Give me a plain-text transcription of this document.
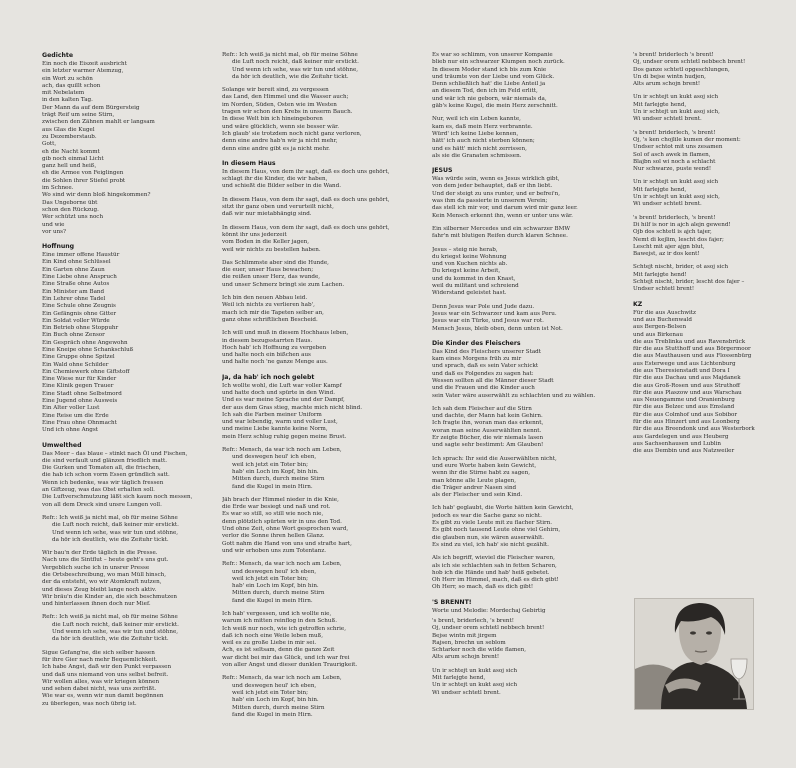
Gedichte
Ein noch die Eiszeit ausbricht
ein letzter warmer Atemzug,
ein Wort zu schön
ach, das quillt schon
mit Nebelatem
in den kalten Tag.
Der Mann da auf dem Bürgersteig
trägt Reif um seine Stirn,
zwischen den Zähnen mahlt er langsam
aus Glas die Kugel
zu Dezemberstaub.
Gott,
eh die Nacht kommt
gib noch einmal Licht
ganz hell und heiß,
eh die Armee von Feiglingen
die Sohlen ihrer Stiefel probt
im Schnee.
Wo sind wir denn bloß hingekommen?
Das Ungeborne übt
schon den Rückzug.
Wer schützt uns noch
und wie
vor uns?
Hoffnung
Eine immer offene Haustür
Ein Kind ohne Schlüssel
Ein Garten ohne Zaun
Eine Liebe ohne Anspruch
Eine Straße ohne Autos
Ein Minister am Band
Ein Lehrer ohne Tadel
Eine Schule ohne Zeugnis
Ein Gefängnis ohne Gitter
Ein Soldat voller Würde
Ein Betrieb ohne Stoppuhr
Ein Buch ohne Zensor
Ein Gespräch ohne Angewohn
Eine Kneipe ohne Schankschluß
Eine Gruppe ohne Spitzel
Ein Wald ohne Schilder
Ein Chemiewerk ohne Giftstoff
Eine Wiese nur für Kinder
Eine Klinik gegen Trauer
Eine Stadt ohne Selbstmord
Eine Jugend ohne Ausweis
Ein Alter voller Lust
Eine Reise um die Erde
Eine Frau ohne Ohnmacht
Und ich ohne Angst
Umwelthed
Das Meer – das blaue – stinkt nach Öl und Fischen,
die sind verfault und glänzen friedlich matt.
Die Gurken und Tomaten all, die frischen,
die hab ich schon vorm Essen gründlich satt.
Wenn ich bedenke, was wir täglich fressen
an Giftzeug, was das Obst erhalten soll.
Die Luftverschmutzung läßt sich kaum noch messen,
von all dem Dreck sind unsre Lungen voll.
Refr.: Ich weiß ja nicht mal, ob für meine Söhne
die Luft noch reicht, daß keiner mir erstickt.
Und wenn ich sehe, was wir tun und stöhne,
da hör ich deutlich, wie die Zeituhr tickt.
Wir bau'n der Erde täglich in die Presse.
Nach uns die Sintflut – heute geht's uns gut.
Vergeblich suche ich in unsrer Presse
die Ortsbeschreibung, wo man Müll hinsch,
der da entsteht, wo wir Atomkraft nutzen,
und dieses Zeug bleibt lange noch aktiv.
Wir bräu'n die Kinder an, die sich beschmutzen
und hinterlassen ihnen doch nur Mief.
Refr.: Ich weiß ja nicht mal, ob für meine Söhne
die Luft noch reicht, daß keiner mir erstickt.
Und wenn ich sehe, was wir tun und stöhne,
da hör ich deutlich, wie die Zeituhr tickt.
Sigue Gefang'ne, die sich selber hassen
für ihre Gier nach mehr Bequemlichkeit.
Ich habe Angst, daß wir den Punkt verpassen
und daß uns niemand von uns selbst befreit.
Wir wollen alles, was wir kriegen können
und sehen dabei nicht, was uns zerfrißt.
Wie war es, wenn wir nun damit begönnen
zu überlegen, was noch übrig ist.
Refr.: Ich weiß ja nicht mal, ob für meine Söhne
die Luft noch reicht, daß keiner mir erstickt.
Und wenn ich sehe, was wir tun und stöhne,
da hör ich deutlich, wie die Zeituhr tickt.
Solange wir bereit sind, zu vergessen
das Land, den Himmel und die Wasser auch;
im Norden, Süden, Osten wie im Westen
tragen wir schon den Krebs in unserm Bauch.
In diese Welt bin ich hineingeboren
und wäre glücklich, wenn sie besser wär.
Ich glaub' sie trotzdem noch nicht ganz verloren,
denn eine andre hab'n wir ja nicht mehr,
denn eine andre gibt es ja nicht mehr.
In diesem Haus
In diesem Haus, von dem ihr sagt, daß es doch uns gehört,
schlagt ihr die Kinder, die wir haben,
und schießt die Bilder selber in die Wand.
In diesem Haus, von dem ihr sagt, daß es doch uns gehört,
sitzt ihr ganz oben und verurteilt nicht,
daß wir nur mietabhängig sind.
In diesem Haus, von dem ihr sagt, daß es doch uns gehört,
könnt ihr uns jederzeit
vom Boden in die Keller jagen,
weil wir nichts zu bestellen haben.
Das Schlimmste aber sind die Hunde,
die euer, unser Haus bewachen;
die reißen unser Herz, das wunde,
und unser Schmerz bringt sie zum Lachen.
Ich bin den neuen Abbau leid.
Weil ich nichts zu verlieren hab',
mach ich mir die Tapeten selber an,
ganz ohne schriftlichen Bescheid.
Ich will und muß in diesem Hochhaus leben,
in diesem bezugsstarrten Haus.
Hoch hab' ich Hoffnung zu vergeben
und halte noch ein bißchen aus
und halte noch 'ne ganze Menge aus.
Ja, da hab' ich noch gelebt
Ich wollte wohl, die Luft war voller Kampf
und hatte doch und spürte in den Wind.
Und es war meine Sprache und der Dampf,
der aus dem Gras stieg, machte mich nicht blind.
Ich sah die Farben meiner Uniform
und war lebendig, warm und voller Lust,
und meine Liebe kannte keine Norm,
mein Herz schlug ruhig gegen meine Brust.
Refr.: Mensch, da war ich noch am Leben,
und deswegen heul' ich eben,
weil ich jetzt ein Toter bin;
hab' ein Loch im Kopf, bin hin.
Mitten durch, durch meine Stirn
fand die Kugel in mein Hirn.
Jäh brach der Himmel nieder in die Knie,
die Erde war besiegt und naß und rot.
Es war so still, so still wie noch nie,
denn plötzlich spürten wir in uns den Tod.
Und ohne Zeit, ohne Wort gesprochen ward,
verlor die Sonne ihren hellen Glanz.
Gott nahm die Hand von uns und strafte hart,
und wir erhoben uns zum Totentanz.
Refr.: Mensch, da war ich noch am Leben,
und deswegen heul' ich eben,
weil ich jetzt ein Toter bin;
hab' ein Loch im Kopf, bin hin.
Mitten durch, durch meine Stirn
fand die Kugel in mein Hirn.
Ich hab' vergessen, und ich wollte nie,
warum ich mitten reinflog in den Schuß.
Ich weiß nur noch, wie ich getroffen schrie,
daß ich noch eine Weile leben muß,
weil es zu große Liebe in mir sei.
Ach, es ist seltsam, denn die ganze Zeit
war dicht bei mir das Glück, und ich war frei
von aller Angst und dieser dunklen Traurigkeit.
Refr.: Mensch, da war ich noch am Leben,
und deswegen heul' ich eben,
weil ich jetzt ein Toter bin;
hab' ein Loch im Kopf, bin hin.
Mitten durch, durch meine Stirn
fand die Kugel in mein Hirn.
Es war so schlimm, von unserer Kompanie
blieb nur ein schwarzer Klumpen noch zurück.
In diesem Moder stand ich bis zum Knie
und träumte von der Liebe und vom Glück.
Denn schließlich hat' die Liebe Anteil ja
an diesem Tod, den ich im Feld erlitt,
und wär ich nie geborn, wär niemals da,
gäb's keine Kugel, die mein Herz zerschnitt.
Nur, weil ich ein Leben kannte,
kam es, daß mein Herz verbrannte.
Würd' ich keine Liebe kennen,
hätt' ich auch nicht sterben können;
und es hätt' mich nicht zerrissen,
als sie die Granaten schmissen.
JESUS
Was würde sein, wenn es Jesus wirklich gibt,
von dem jeder behauptet, daß er ihn liebt.
Und der steigt zu uns runter, und er befrei'n,
was ihm da passierte in unserem Verein;
das stell ich mir vor, und darum wird mir ganz leer.
Kein Mensch erkennt ihn, wenn er unter uns wär.
Ein silberner Mercedes und ein schwarzer BMW
fahr'n mit blutigen Reifen durch klaren Schnee.
Jesus – steig nie herab,
du kriegst keine Wohnung
und von Kuchen nichts ab.
Du kriegst keine Arbeit,
und du kommst in den Knast,
weil du militant und schreiend
Widerstand geleistet hast.
Denn Jesus war Pole und Jude dazu.
Jesus war ein Schwarzer und kam aus Peru.
Jesus war ein Türke, und Jesus war rot.
Mensch Jesus, bleib oben, denn unten ist Not.
Die Kinder des Fleischers
Das Kind des Fleischers unserer Stadt
kam eines Morgens früh zu mir
und sprach, daß es sein Vater schickt
und daß es Folgendes zu sagen hat:
Wessen sollten all die Männer dieser Stadt
und die Frauen und die Kinder auch
sein Vater wäre auserwählt zu schlachten und zu wählen.
Ich sah dem Fleischer auf die Stirn
und dachte, der Mann hat kein Gehirn.
Ich fragte ihn, woran man das erkennt,
woran man seine Auserwählten nennt.
Er zeigte Bücher, die wir niemals lasen
und sagte sehr bestimmt: Am Glauben!
Ich sprach: Ihr seid die Auserwählten nicht,
und eure Worte haben kein Gewicht,
wenn ihr die Stirne habt zu sagen,
man könne alle Leute plagen,
die Träger andrer Nasen sind
als der Fleischer und sein Kind.
Ich hab' geglaubt, die Worte hätten kein Gewicht,
jedoch es war die Sache ganz so nicht.
Es gibt zu viele Leute mit zu flacher Stirn.
Es gibt noch tausend Leute ohne viel Gehirn,
die glauben nun, sie wären auserwählt.
Es sind zu viel, ich hab' sie nicht gezählt.
Als ich begriff, wieviel die Fleischer waren,
als ich sie schlachten sah in fetten Scharen,
hob ich die Hände und hab' heiß gebetet.
Oh Herr im Himmel, mach, daß es dich gibt!
Oh Herr, so mach, daß es dich gibt!
'S BRENNT!
Worte und Melodie: Mordechaj Gebirtig
's brent, briderlech, 's brent!
Oj, undser orem schtetl nebbech brent!
Bejse wintn mit jirgem
Rajsen, brechn un seblom
Schtarker noch die wilde flamen,
Alts arum schojn brent!
Un ir schtejt un kukt asoj sich
Mit farlejgte hend,
Un ir schtejt un kukt asoj sich
Wi undser schtetl brent.
's brent! briderlech 's brent!
Oj, undser orem schtetl nebbech brent!
Dos ganze schtetl opgeschlungen,
Un di bejse wintn hudjen,
Alts arum schojn brent!
Un ir schtejt un kukt asoj sich
Mit farlejgte hend,
Un ir schtejt un kukt asoj sich,
Wi undser schtetl brent.
's brent! briderlech, 's brent!
Oj, 's ken chojlile kumen der moment:
Undser schtot mit uns zesamen
Sol of asch awek in flamen,
Blajbn sol wi noch a schlacht
Nur schwarze, puste wend!
Un ir schtejt un kukt asoj sich
Mit farlejgte hend,
Un ir schtejt un kukt asoj sich,
Wi undser schtetl brent.
's brent! briderlech, 's brent!
Di hilf is nor in ajch alejn gewend!
Ojb dos schtetl is ajch tajer,
Nemt di kejlim, lescht dos fajer;
Lescht mit ajer ajgn blut,
Bawejst, az ir dos kent!
Schtejt nischt, brider, ot asoj sich
Mit farlejgte hend!
Schtejt nischt, brider, lescht dos fajer –
Undser schtetl brent!
KZ
Für die aus Auschwitz
und aus Buchenwald
aus Bergen-Belsen
und aus Birkenau
die aus Treblinka und aus Ravensbrück
für die aus Stutthoff und aus Börgermoor
die aus Mauthausen und aus Flossenbürg
aus Esterwege und aus Lichtenburg
die aus Theresienstadt und Dora I
für die aus Dachau und aus Majdanek
die aus Groß-Rosen und aus Struthoff
für die aus Plaszow und aus Warschau
aus Neuengamme und Oranienburg
für die aus Belzec und aus Emsland
für die aus Colmhof und aus Sobibor
für die aus Hinzert und aus Leonberg
für die aus Breendonk und aus Westerbork
aus Gardelegen und aus Heuberg
aus Sachsenhausen und Lublin
die aus Dembin und aus Natzweiler
